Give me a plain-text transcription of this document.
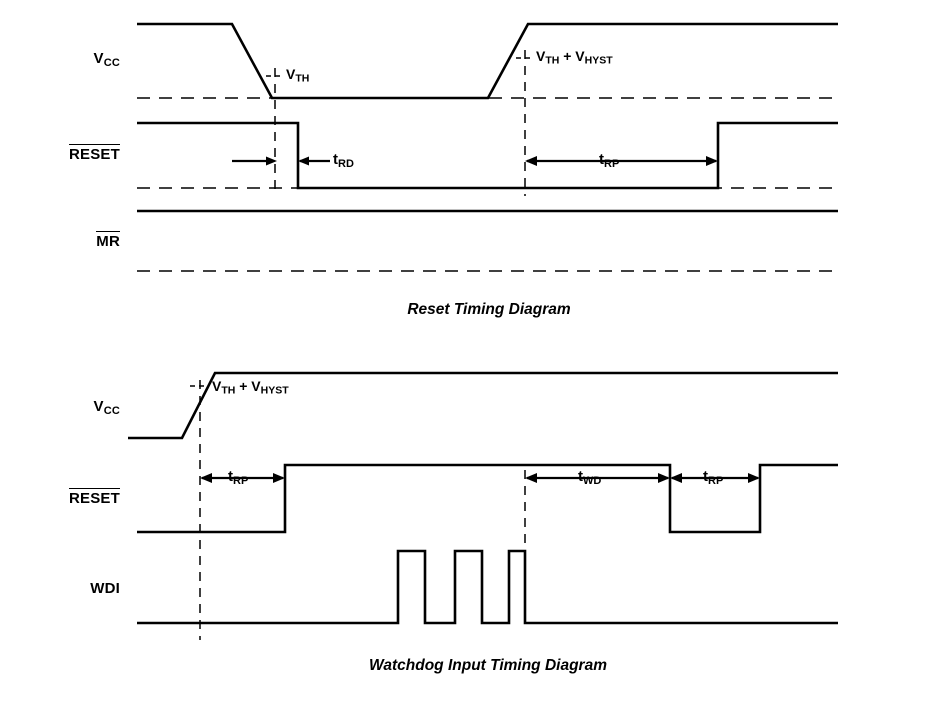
$V_{CC}$
RESET
MR
$V_{TH}$
$V_{TH} + V_{HYST}$
$t_{RD}$	$t_{RP}$
Reset Timing Diagram
$V_{CC}$
RESET
WDI
$V_{TH} + V_{HYST}$
$t_{RP}$	$t_{WD}$	$t_{RP}$
Watchdog Input Timing Diagram
